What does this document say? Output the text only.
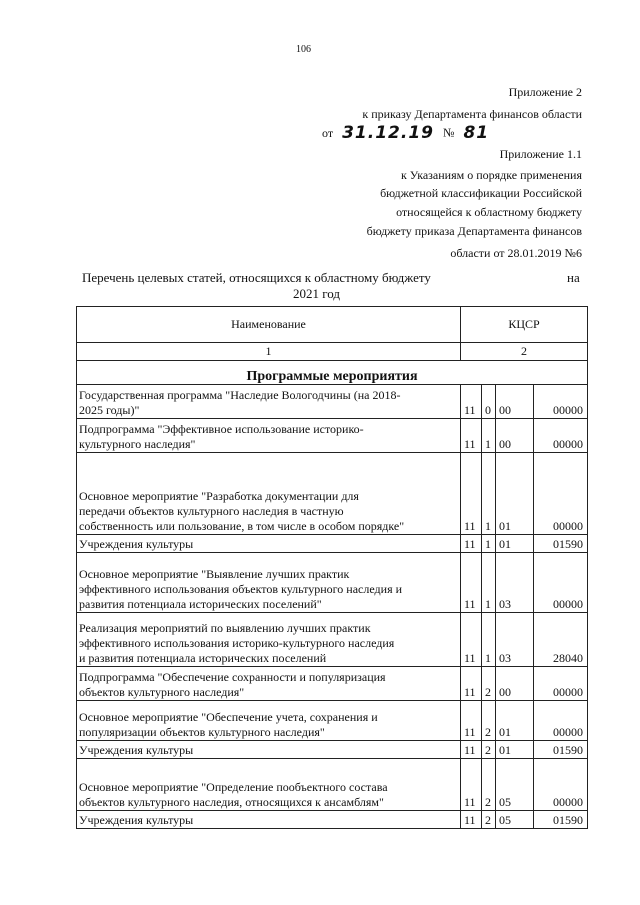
106
Приложение 2
к приказу Департамента финансов области
от 31.12.19 № 81
Приложение 1.1
к Указаниям о порядке применения
бюджетной классификации Российской
относящейся к областному бюджету
бюджету приказа Департамента финансов
области от 28.01.2019 №6
Перечень целевых статей, относящихся к областному бюджету	на
2021 год
Наименование	КЦСР			
1	2			
Программые мероприятия				
Государственная программа "Наследие Вологодчины (на 2018-
2025 годы)"	11	0	00	00000
Подпрограмма "Эффективное использование историко-
культурного наследия"	11	1	00	00000
Основное мероприятие "Разработка документации для
передачи объектов культурного наследия в частную
собственность или пользование, в том числе в особом порядке"	11	1	01	00000
Учреждения культуры	11	1	01	01590
Основное мероприятие "Выявление лучших практик
эффективного использования объектов культурного наследия и
развития потенциала исторических поселений"	11	1	03	00000
Реализация мероприятий по выявлению лучших практик
эффективного использования историко-культурного наследия
и развития потенциала исторических поселений	11	1	03	28040
Подпрограмма "Обеспечение сохранности и популяризация
объектов культурного наследия"	11	2	00	00000
Основное мероприятие "Обеспечение учета, сохранения и
популяризации объектов культурного наследия"	11	2	01	00000
Учреждения культуры	11	2	01	01590
Основное мероприятие "Определение пообъектного состава
объектов культурного наследия, относящихся к ансамблям"	11	2	05	00000
Учреждения культуры	11	2	05	01590
